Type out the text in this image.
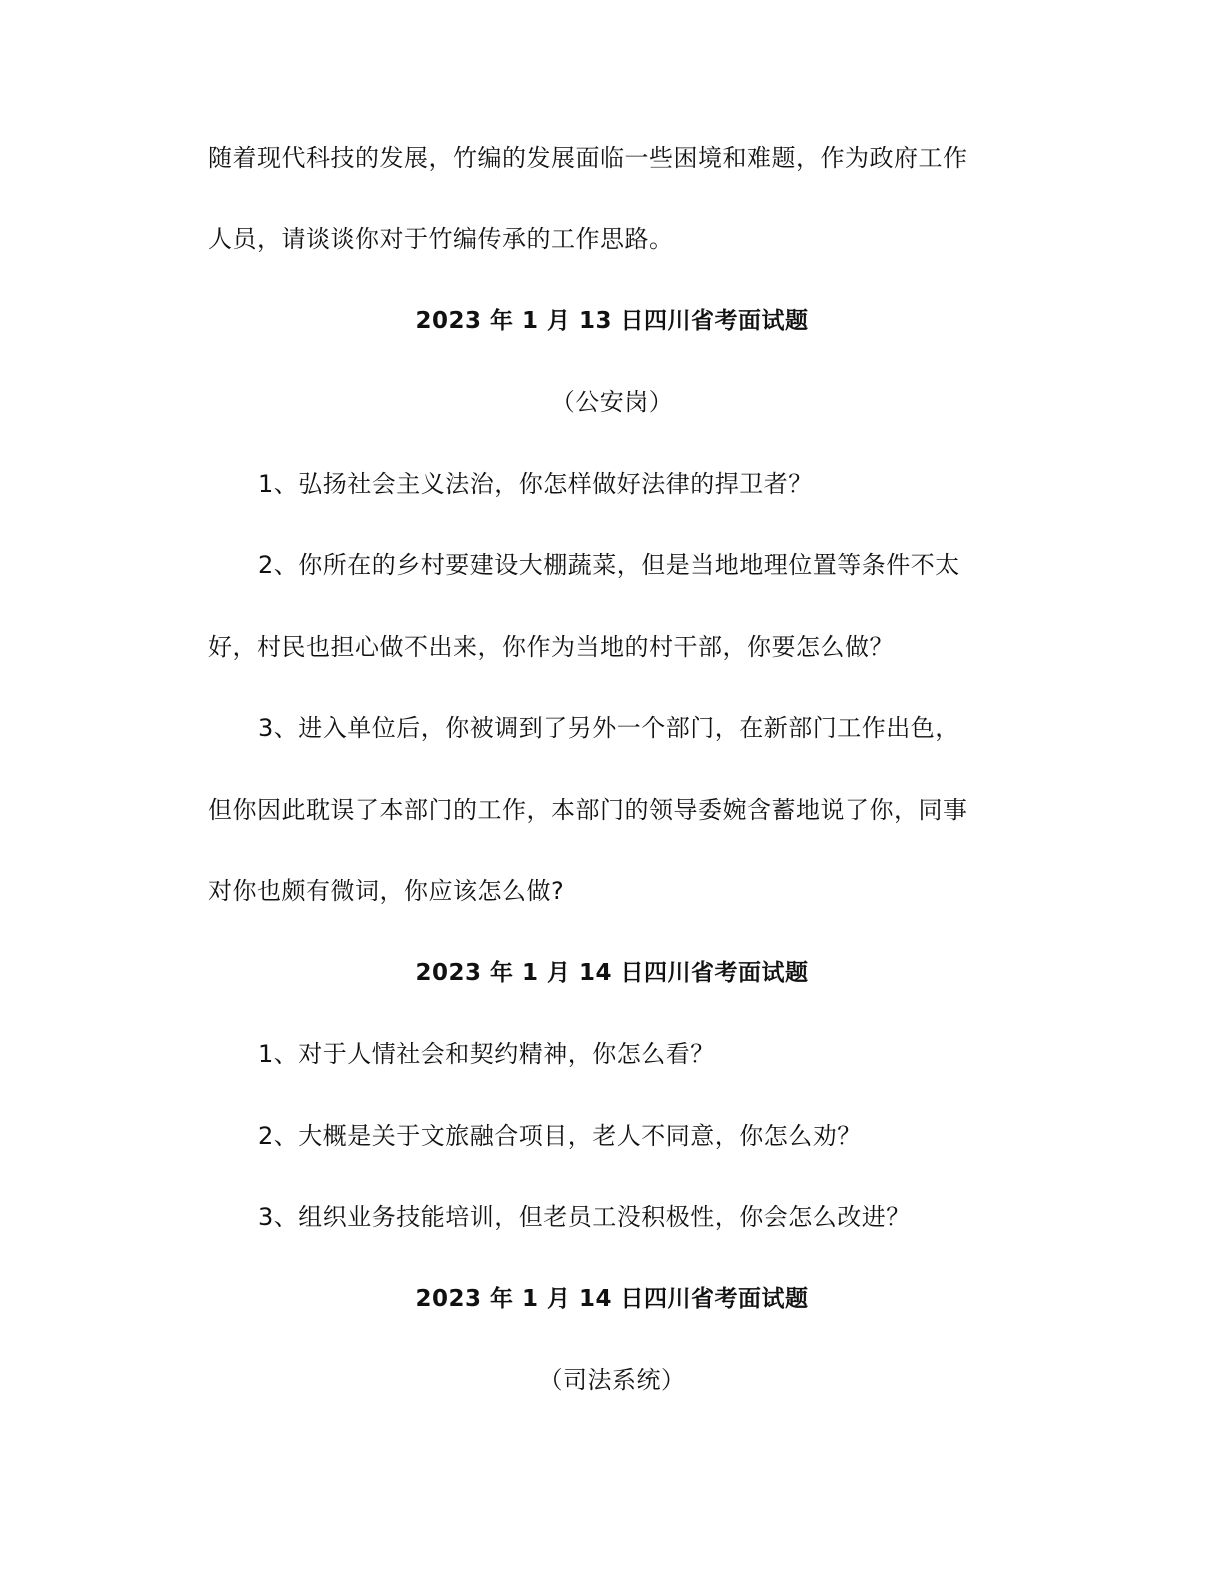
随着现代科技的发展，竹编的发展面临一些困境和难题，作为政府工作
人员，请谈谈你对于竹编传承的工作思路。
2023 年 1 月 13 日四川省考面试题
（公安岗）
1、弘扬社会主义法治，你怎样做好法律的捍卫者？
2、你所在的乡村要建设大棚蔬菜，但是当地地理位置等条件不太
好，村民也担心做不出来，你作为当地的村干部，你要怎么做？
3、进入单位后，你被调到了另外一个部门，在新部门工作出色，
但你因此耽误了本部门的工作，本部门的领导委婉含蓄地说了你，同事
对你也颇有微词，你应该怎么做?
2023 年 1 月 14 日四川省考面试题
1、对于人情社会和契约精神，你怎么看？
2、大概是关于文旅融合项目，老人不同意，你怎么劝？
3、组织业务技能培训，但老员工没积极性，你会怎么改进？
2023 年 1 月 14 日四川省考面试题
（司法系统）
